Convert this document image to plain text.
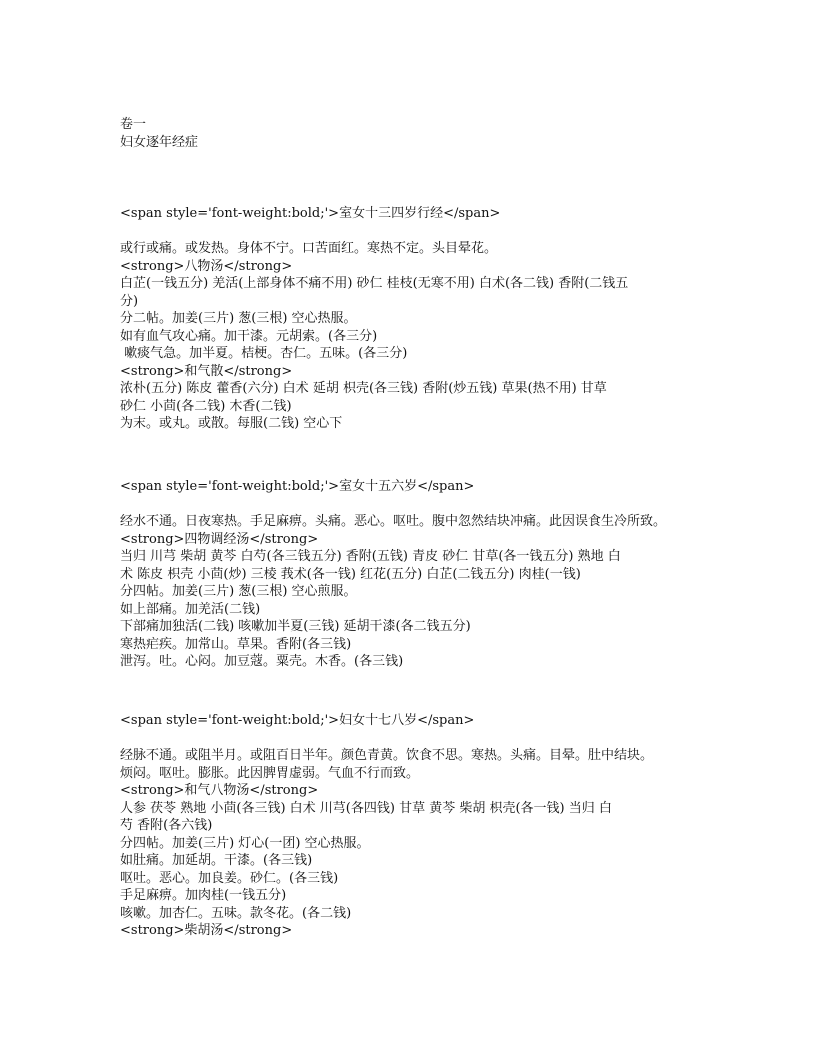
卷一
妇女逐年经症
<span style='font-weight:bold;'>室女十三四岁行经</span>
或行或痛。或发热。身体不宁。口苦面红。寒热不定。头目晕花。
<strong>八物汤</strong>
白芷(一钱五分) 羌活(上部身体不痛不用) 砂仁 桂枝(无寒不用) 白术(各二钱) 香附(二钱五
分)
分二帖。加姜(三片) 葱(三根) 空心热服。
如有血气攻心痛。加干漆。元胡索。(各三分)
嗽痰气急。加半夏。桔梗。杏仁。五味。(各三分)
<strong>和气散</strong>
浓朴(五分) 陈皮 藿香(六分) 白术 延胡 枳壳(各三钱) 香附(炒五钱) 草果(热不用) 甘草
砂仁 小茴(各二钱) 木香(二钱)
为末。或丸。或散。每服(二钱) 空心下
<span style='font-weight:bold;'>室女十五六岁</span>
经水不通。日夜寒热。手足麻痹。头痛。恶心。呕吐。腹中忽然结块冲痛。此因误食生冷所致。
<strong>四物调经汤</strong>
当归 川芎 柴胡 黄芩 白芍(各三钱五分) 香附(五钱) 青皮 砂仁 甘草(各一钱五分) 熟地 白
术 陈皮 枳壳 小茴(炒) 三棱 莪术(各一钱) 红花(五分) 白芷(二钱五分) 肉桂(一钱)
分四帖。加姜(三片) 葱(三根) 空心煎服。
如上部痛。加羌活(二钱)
下部痛加独活(二钱) 咳嗽加半夏(三钱) 延胡干漆(各二钱五分)
寒热疟疾。加常山。草果。香附(各三钱)
泄泻。吐。心闷。加豆蔻。粟壳。木香。(各三钱)
<span style='font-weight:bold;'>妇女十七八岁</span>
经脉不通。或阻半月。或阻百日半年。颜色青黄。饮食不思。寒热。头痛。目晕。肚中结块。
烦闷。呕吐。膨胀。此因脾胃虚弱。气血不行而致。
<strong>和气八物汤</strong>
人参 茯苓 熟地 小茴(各三钱) 白术 川芎(各四钱) 甘草 黄芩 柴胡 枳壳(各一钱) 当归 白
芍 香附(各六钱)
分四帖。加姜(三片) 灯心(一团) 空心热服。
如肚痛。加延胡。干漆。(各三钱)
呕吐。恶心。加良姜。砂仁。(各三钱)
手足麻痹。加肉桂(一钱五分)
咳嗽。加杏仁。五味。款冬花。(各二钱)
<strong>柴胡汤</strong>
